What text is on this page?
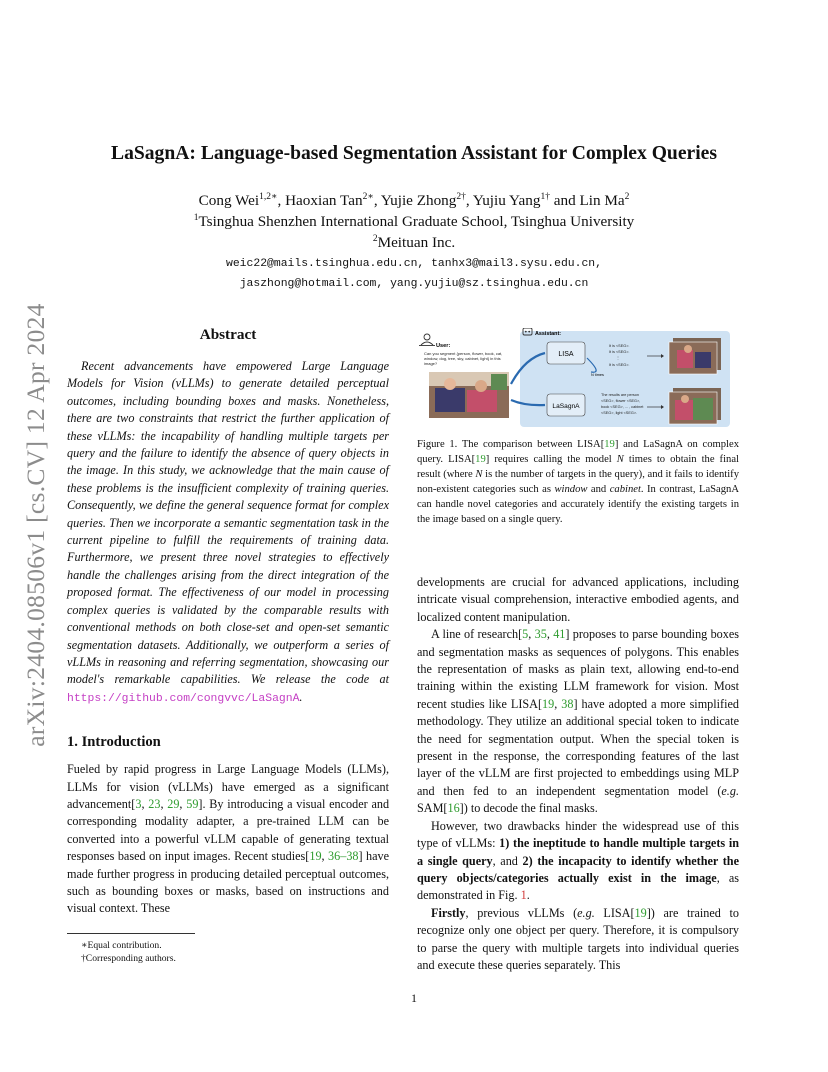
arXiv:2404.08506v1 [cs.CV] 12 Apr 2024
LaSagnA: Language-based Segmentation Assistant for Complex Queries
Cong Wei$^{1,2∗}$, Haoxian Tan$^{2∗}$, Yujie Zhong$^{2\dagger}$, Yujiu Yang$^{1\dagger}$ and Lin Ma$^2$
$^1$Tsinghua Shenzhen International Graduate School, Tsinghua University
$^2$Meituan Inc.
weic22@mails.tsinghua.edu.cn, tanhx3@mail3.sysu.edu.cn,
jaszhong@hotmail.com, yang.yujiu@sz.tsinghua.edu.cn
Abstract
Recent advancements have empowered Large Language Models for Vision (vLLMs) to generate detailed perceptual outcomes, including bounding boxes and masks. Nonetheless, there are two constraints that restrict the further application of these vLLMs: the incapability of handling multiple targets per query and the failure to identify the absence of query objects in the image. In this study, we acknowledge that the main cause of these problems is the insufficient complexity of training queries. Consequently, we define the general sequence format for complex queries. Then we incorporate a semantic segmentation task in the current pipeline to fulfill the requirements of training data. Furthermore, we present three novel strategies to effectively handle the challenges arising from the direct integration of the proposed format. The effectiveness of our model in processing complex queries is validated by the comparable results with conventional methods on both close-set and open-set semantic segmentation datasets. Additionally, we outperform a series of vLLMs in reasoning and referring segmentation, showcasing our model's remarkable capabilities. We release the code at https://github.com/congvvc/LaSagnA.
1. Introduction

Fueled by rapid progress in Large Language Models (LLMs), LLMs for vision (vLLMs) have emerged as a significant advancement[3, 23, 29, 59]. By introducing a visual encoder and corresponding modality adapter, a pre-trained LLM can be converted into a powerful vLLM capable of generating textual responses based on input images. Recent studies[19, 36–38] have made further progress in producing detailed perceptual outcomes, such as bounding boxes or masks, based on instructions and visual context. These

∗Equal contribution.
†Corresponding authors.
User:
Can you segment {person, flower, book, cat, window, dog, tree, sky, cabinet, light} in this image?
Assistant:
LISA
LaSagnA
N times
It is <SEG>. It is <SEG>. ⋮ It is <SEG>.
The results are person <SEG>, flower <SEG>, book <SEG>, ... , cabinet <SEG>, light <SEG>.
Figure 1. The comparison between LISA[19] and LaSagnA on complex query. LISA[19] requires calling the model N times to obtain the final result (where N is the number of targets in the query), and it fails to identify non-existent categories such as window and cabinet. In contrast, LaSagnA can handle novel categories and accurately identify the existing targets in the image based on a single query.

developments are crucial for advanced applications, including intricate visual comprehension, interactive embodied agents, and localized content manipulation.

A line of research[5, 35, 41] proposes to parse bounding boxes and segmentation masks as sequences of polygons. This enables the representation of masks as plain text, allowing end-to-end training within the existing LLM framework for vision. Most recent studies like LISA[19, 38] have adopted a more simplified methodology. They utilize an additional special token to indicate the need for segmentation output. When the special token is present in the response, the corresponding features of the last layer of the vLLM are first projected to embeddings using MLP and then fed to an independent segmentation model (e.g. SAM[16]) to decode the final masks.

However, two drawbacks hinder the widespread use of this type of vLLMs: 1) the ineptitude to handle multiple targets in a single query, and 2) the incapacity to identify whether the query objects/categories actually exist in the image, as demonstrated in Fig. 1.

Firstly, previous vLLMs (e.g. LISA[19]) are trained to recognize only one object per query. Therefore, it is compulsory to parse the query with multiple targets into individual queries and execute these queries separately. This

1
